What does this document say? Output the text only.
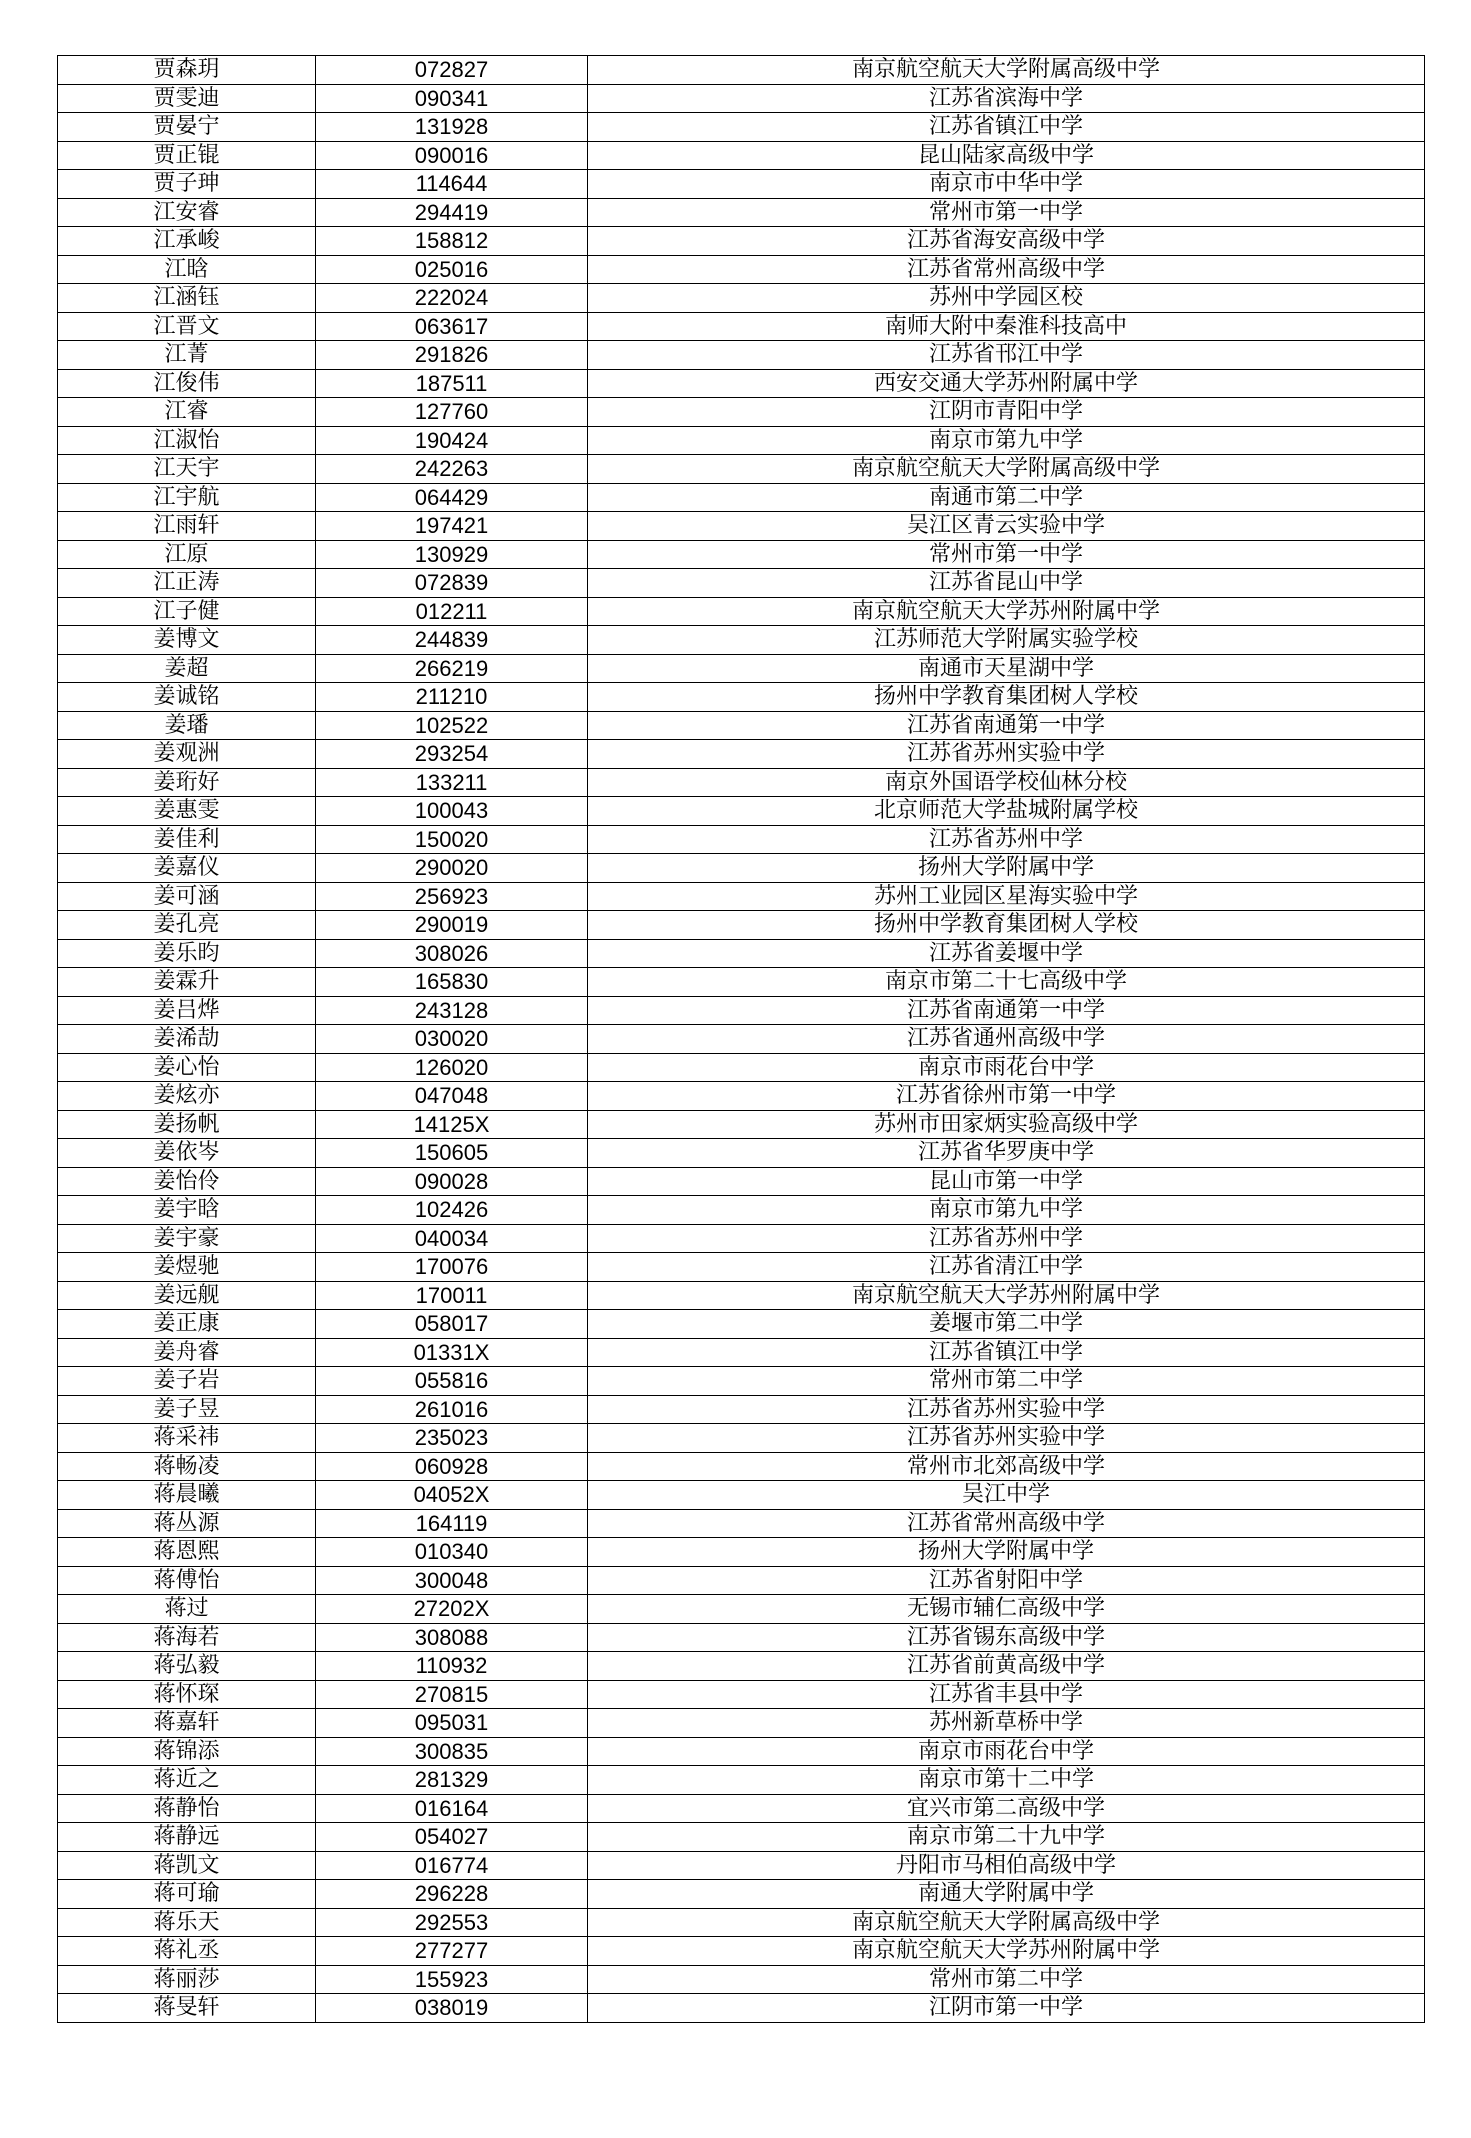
贾森玥	072827	南京航空航天大学附属高级中学
贾雯迪	090341	江苏省滨海中学
贾晏宁	131928	江苏省镇江中学
贾正锟	090016	昆山陆家高级中学
贾子珅	114644	南京市中华中学
江安睿	294419	常州市第一中学
江承峻	158812	江苏省海安高级中学
江晗	025016	江苏省常州高级中学
江涵钰	222024	苏州中学园区校
江晋文	063617	南师大附中秦淮科技高中
江菁	291826	江苏省邗江中学
江俊伟	187511	西安交通大学苏州附属中学
江睿	127760	江阴市青阳中学
江淑怡	190424	南京市第九中学
江天宇	242263	南京航空航天大学附属高级中学
江宇航	064429	南通市第二中学
江雨轩	197421	吴江区青云实验中学
江原	130929	常州市第一中学
江正涛	072839	江苏省昆山中学
江子健	012211	南京航空航天大学苏州附属中学
姜博文	244839	江苏师范大学附属实验学校
姜超	266219	南通市天星湖中学
姜诚铭	211210	扬州中学教育集团树人学校
姜璠	102522	江苏省南通第一中学
姜观洲	293254	江苏省苏州实验中学
姜珩好	133211	南京外国语学校仙林分校
姜惠雯	100043	北京师范大学盐城附属学校
姜佳利	150020	江苏省苏州中学
姜嘉仪	290020	扬州大学附属中学
姜可涵	256923	苏州工业园区星海实验中学
姜孔亮	290019	扬州中学教育集团树人学校
姜乐昀	308026	江苏省姜堰中学
姜霖升	165830	南京市第二十七高级中学
姜吕烨	243128	江苏省南通第一中学
姜浠劼	030020	江苏省通州高级中学
姜心怡	126020	南京市雨花台中学
姜炫亦	047048	江苏省徐州市第一中学
姜扬帆	14125X	苏州市田家炳实验高级中学
姜依岑	150605	江苏省华罗庚中学
姜怡伶	090028	昆山市第一中学
姜宇晗	102426	南京市第九中学
姜宇豪	040034	江苏省苏州中学
姜煜驰	170076	江苏省清江中学
姜远舰	170011	南京航空航天大学苏州附属中学
姜正康	058017	姜堰市第二中学
姜舟睿	01331X	江苏省镇江中学
姜子岩	055816	常州市第二中学
姜子昱	261016	江苏省苏州实验中学
蒋采祎	235023	江苏省苏州实验中学
蒋畅凌	060928	常州市北郊高级中学
蒋晨曦	04052X	吴江中学
蒋丛源	164119	江苏省常州高级中学
蒋恩熙	010340	扬州大学附属中学
蒋傅怡	300048	江苏省射阳中学
蒋过	27202X	无锡市辅仁高级中学
蒋海若	308088	江苏省锡东高级中学
蒋弘毅	110932	江苏省前黄高级中学
蒋怀琛	270815	江苏省丰县中学
蒋嘉轩	095031	苏州新草桥中学
蒋锦添	300835	南京市雨花台中学
蒋近之	281329	南京市第十二中学
蒋静怡	016164	宜兴市第二高级中学
蒋静远	054027	南京市第二十九中学
蒋凯文	016774	丹阳市马相伯高级中学
蒋可瑜	296228	南通大学附属中学
蒋乐天	292553	南京航空航天大学附属高级中学
蒋礼丞	277277	南京航空航天大学苏州附属中学
蒋丽莎	155923	常州市第二中学
蒋旻轩	038019	江阴市第一中学
